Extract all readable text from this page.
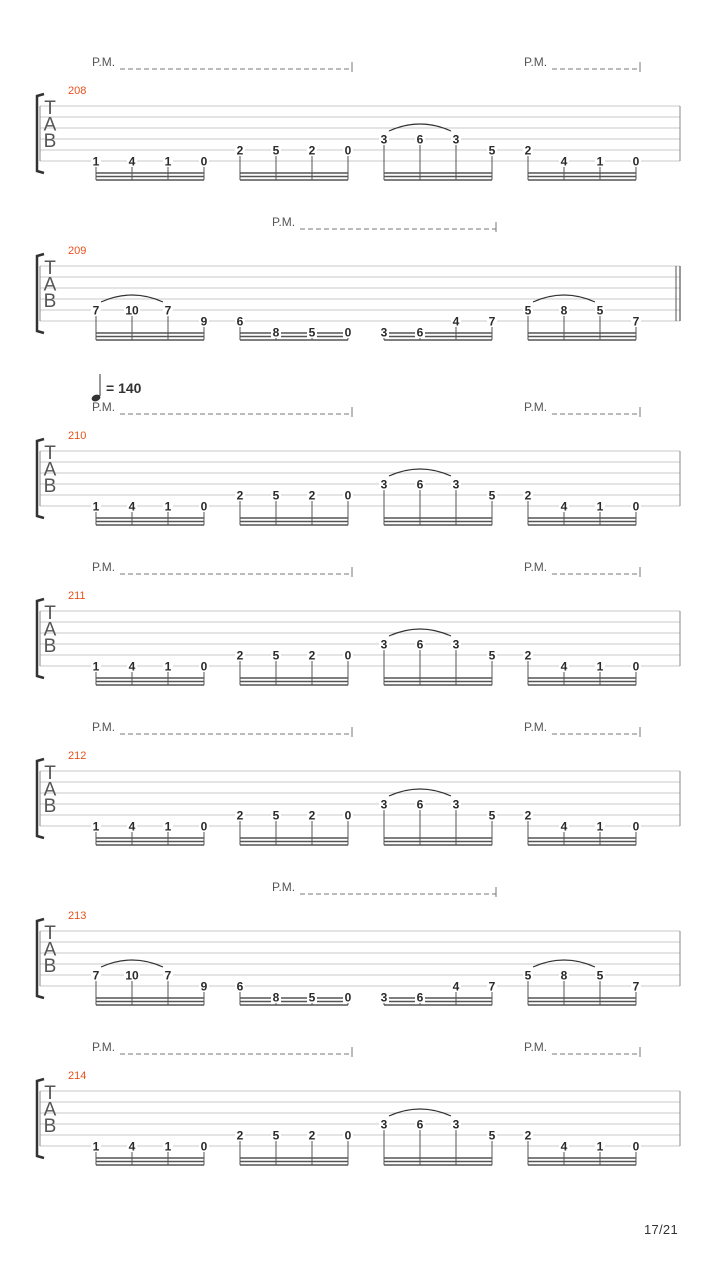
T
A
B
208
P.M.	P.M.
1 4 1 0
2 5 2 0
3 6 3
5 2
4 1 0
T
A
B
209
P.M.
7 10 7
9 6
8 5 0 3 6
4 7
5 8 5
7
T
A
B
210
P.M.	P.M.
= 140
1 4 1 0
2 5 2 0
3 6 3
5 2
4 1 0
T
A
B
211
P.M.	P.M.
1 4 1 0
2 5 2 0
3 6 3
5 2
4 1 0
T
A
B
212
P.M.	P.M.
1 4 1 0
2 5 2 0
3 6 3
5 2
4 1 0
T
A
B
213
P.M.
7 10 7
9 6
8 5 0 3 6
4 7
5 8 5
7
T
A
B
214
P.M.	P.M.
1 4 1 0
2 5 2 0
3 6 3
5 2
4 1 0
17/21
